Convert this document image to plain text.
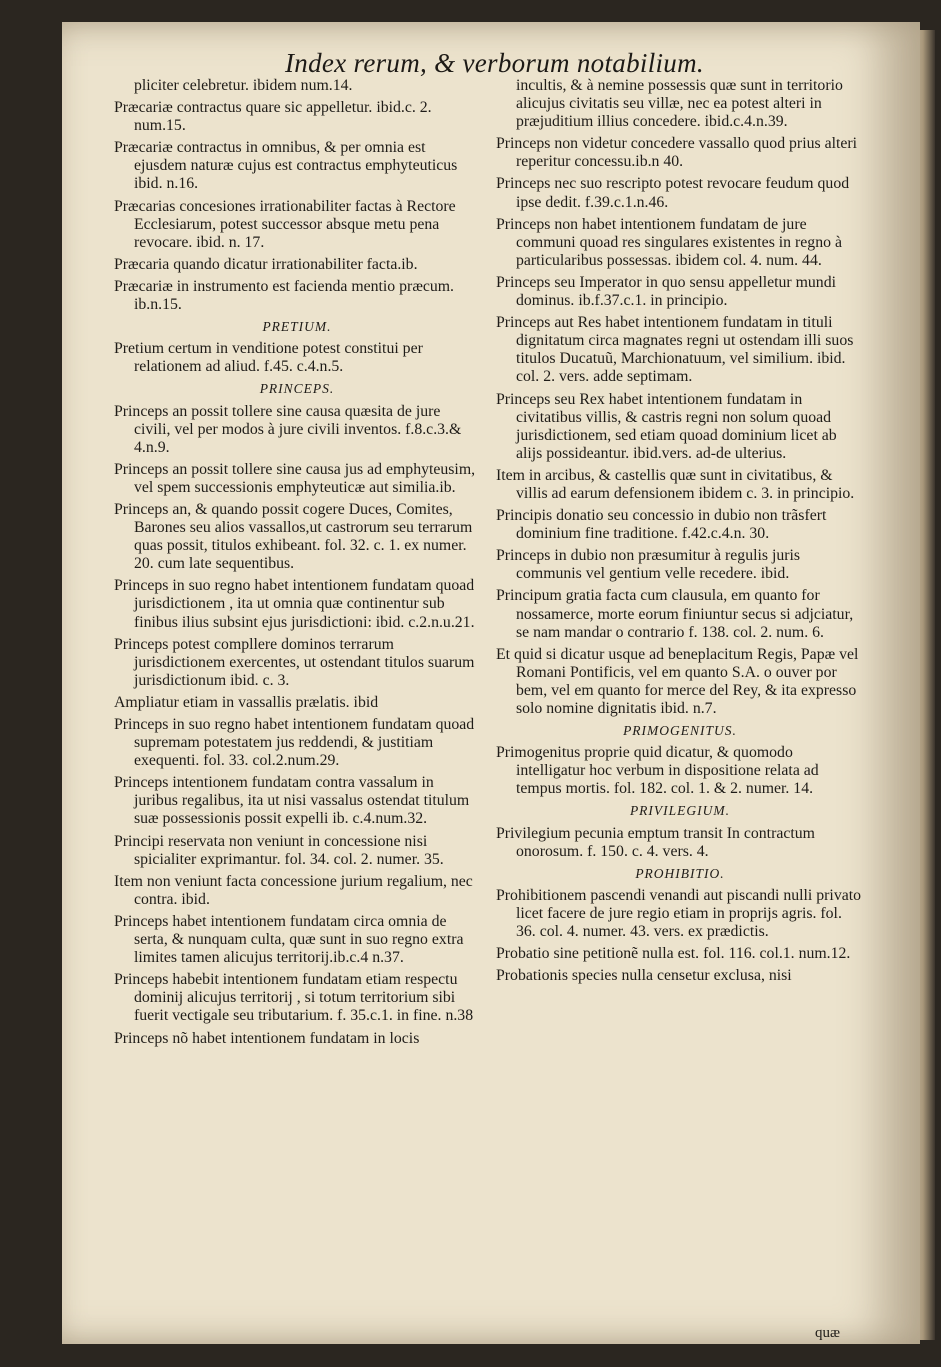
Index rerum, & verborum notabilium.
pliciter celebretur. ibidem num.14.
Præcariæ contractus quare sic appelletur. ibid.c. 2. num.15.
Præcariæ contractus in omnibus, & per omnia est ejusdem naturæ cujus est contractus emphyteuticus ibid. n.16.
Præcarias concesiones irrationabiliter factas à Rectore Ecclesiarum, potest successor absque metu pena revocare. ibid. n. 17.
Præcaria quando dicatur irrationabiliter facta.ib.
Præcariæ in instrumento est facienda mentio præcum. ib.n.15.
PRETIUM.
Pretium certum in venditione potest constitui per relationem ad aliud. f.45. c.4.n.5.
PRINCEPS.
Princeps an possit tollere sine causa quæsita de jure civili, vel per modos à jure civili inventos. f.8.c.3.& 4.n.9.
Princeps an possit tollere sine causa jus ad emphyteusim, vel spem successionis emphyteuticæ aut similia.ib.
Princeps an, & quando possit cogere Duces, Comites, Barones seu alios vassallos,ut castrorum seu terrarum quas possit, titulos exhibeant. fol. 32. c. 1. ex numer. 20. cum late sequentibus.
Princeps in suo regno habet intentionem fundatam quoad jurisdictionem , ita ut omnia quæ continentur sub finibus ilius subsint ejus jurisdictioni: ibid. c.2.n.u.21.
Princeps potest compllere dominos terrarum jurisdictionem exercentes, ut ostendant titulos suarum jurisdictionum ibid. c. 3.
Ampliatur etiam in vassallis prælatis. ibid
Princeps in suo regno habet intentionem fundatam quoad supremam potestatem jus reddendi, & justitiam exequenti. fol. 33. col.2.num.29.
Princeps intentionem fundatam contra vassalum in juribus regalibus, ita ut nisi vassalus ostendat titulum suæ possessionis possit expelli ib. c.4.num.32.
Principi reservata non veniunt in concessione nisi spicialiter exprimantur. fol. 34. col. 2. numer. 35.
Item non veniunt facta concessione jurium regalium, nec contra. ibid.
Princeps habet intentionem fundatam circa omnia de serta, & nunquam culta, quæ sunt in suo regno extra limites tamen alicujus territorij.ib.c.4 n.37.
Princeps habebit intentionem fundatam etiam respectu dominij alicujus territorij , si totum territorium sibi fuerit vectigale seu tributarium. f. 35.c.1. in fine. n.38
Princeps nõ habet intentionem fundatam in locis
incultis, & à nemine possessis quæ sunt in territorio alicujus civitatis seu villæ, nec ea potest alteri in præjuditium illius concedere. ibid.c.4.n.39.
Princeps non videtur concedere vassallo quod prius alteri reperitur concessu.ib.n 40.
Princeps nec suo rescripto potest revocare feudum quod ipse dedit. f.39.c.1.n.46.
Princeps non habet intentionem fundatam de jure communi quoad res singulares existentes in regno à particularibus possessas. ibidem col. 4. num. 44.
Princeps seu Imperator in quo sensu appelletur mundi dominus. ib.f.37.c.1. in principio.
Princeps aut Res habet intentionem fundatam in tituli dignitatum circa magnates regni ut ostendam illi suos titulos Ducatuũ, Marchionatuum, vel similium. ibid. col. 2. vers. adde septimam.
Princeps seu Rex habet intentionem fundatam in civitatibus villis, & castris regni non solum quoad jurisdictionem, sed etiam quoad dominium licet ab alijs possideantur. ibid.vers. ad-de ulterius.
Item in arcibus, & castellis quæ sunt in civitatibus, & villis ad earum defensionem ibidem c. 3. in principio.
Principis donatio seu concessio in dubio non trãsfert dominium fine traditione. f.42.c.4.n. 30.
Princeps in dubio non præsumitur à regulis juris communis vel gentium velle recedere. ibid.
Principum gratia facta cum clausula, em quanto for nossamerce, morte eorum finiuntur secus si adjciatur, se nam mandar o contrario f. 138. col. 2. num. 6.
Et quid si dicatur usque ad beneplacitum Regis, Papæ vel Romani Pontificis, vel em quanto S.A. o ouver por bem, vel em quanto for merce del Rey, & ita expresso solo nomine dignitatis ibid. n.7.
PRIMOGENITUS.
Primogenitus proprie quid dicatur, & quomodo intelligatur hoc verbum in dispositione relata ad tempus mortis. fol. 182. col. 1. & 2. numer. 14.
PRIVILEGIUM.
Privilegium pecunia emptum transit In contractum onorosum. f. 150. c. 4. vers. 4.
PROHIBITIO.
Prohibitionem pascendi venandi aut piscandi nulli privato licet facere de jure regio etiam in proprijs agris. fol. 36. col. 4. numer. 43. vers. ex prædictis.
Probatio sine petitionẽ nulla est. fol. 116. col.1. num.12.
Probationis species nulla censetur exclusa, nisi
quæ
